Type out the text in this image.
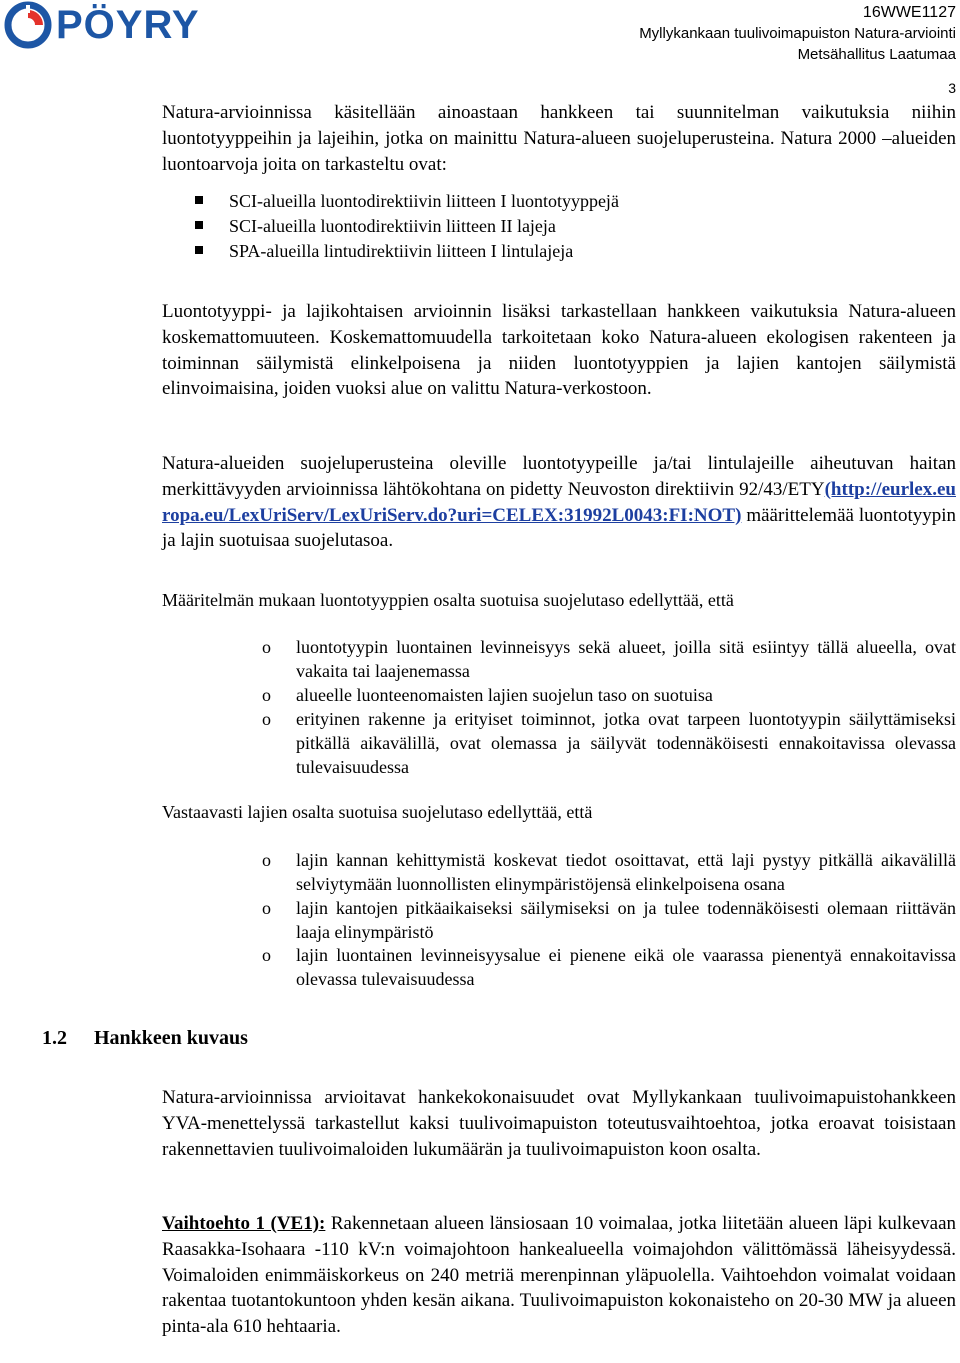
PÖYRY	16WWE1127
Myllykankaan tuulivoimapuiston Natura-arviointi
Metsähallitus Laatumaa
3

Natura-arvioinnissa käsitellään ainoastaan hankkeen tai suunnitelman vaikutuksia niihin luontotyyppeihin ja lajeihin, jotka on mainittu Natura-alueen suojeluperusteina. Natura 2000 –alueiden luontoarvoja joita on tarkasteltu ovat:

SCI-alueilla luontodirektiivin liitteen I luontotyyppejä
SCI-alueilla luontodirektiivin liitteen II lajeja
SPA-alueilla lintudirektiivin liitteen I lintulajeja

Luontotyyppi- ja lajikohtaisen arvioinnin lisäksi tarkastellaan hankkeen vaikutuksia Natura-alueen koskemattomuuteen. Koskemattomuudella tarkoitetaan koko Natura-alueen ekologisen rakenteen ja toiminnan säilymistä elinkelpoisena ja niiden luontotyyppien ja lajien kantojen säilymistä elinvoimaisina, joiden vuoksi alue on valittu Natura-verkostoon.

Natura-alueiden suojeluperusteina oleville luontotyypeille ja/tai lintulajeille aiheutuvan haitan merkittävyyden arvioinnissa lähtökohtana on pidetty Neuvoston direktiivin 92/43/ETY(http://eurlex.europa.eu/LexUriServ/LexUriServ.do?uri=CELEX:31992L0043:FI:NOT) määrittelemää luontotyypin ja lajin suotuisaa suojelutasoa.

Määritelmän mukaan luontotyyppien osalta suotuisa suojelutaso edellyttää, että
o luontotyypin luontainen levinneisyys sekä alueet, joilla sitä esiintyy tällä alueella, ovat vakaita tai laajenemassa
o alueelle luonteenomaisten lajien suojelun taso on suotuisa
o erityinen rakenne ja erityiset toiminnot, jotka ovat tarpeen luontotyypin säilyttämiseksi pitkällä aikavälillä, ovat olemassa ja säilyvät todennäköisesti ennakoitavissa olevassa tulevaisuudessa
Vastaavasti lajien osalta suotuisa suojelutaso edellyttää, että
o lajin kannan kehittymistä koskevat tiedot osoittavat, että laji pystyy pitkällä aikavälillä selviytymään luonnollisten elinympäristöjensä elinkelpoisena osana
o lajin kantojen pitkäaikaiseksi säilymiseksi on ja tulee todennäköisesti olemaan riittävän laaja elinympäristö
o lajin luontainen levinneisyysalue ei pienene eikä ole vaarassa pienentyä ennakoitavissa olevassa tulevaisuudessa
1.2 Hankkeen kuvaus

Natura-arvioinnissa arvioitavat hankekokonaisuudet ovat Myllykankaan tuulivoimapuistohankkeen YVA-menettelyssä tarkastellut kaksi tuulivoimapuiston toteutusvaihtoehtoa, jotka eroavat toisistaan rakennettavien tuulivoimaloiden lukumäärän ja tuulivoimapuiston koon osalta.

Vaihtoehto 1 (VE1): Rakennetaan alueen länsiosaan 10 voimalaa, jotka liitetään alueen läpi kulkevaan Raasakka-Isohaara -110 kV:n voimajohtoon hankealueella voimajohdon välittömässä läheisyydessä. Voimaloiden enimmäiskorkeus on 240 metriä merenpinnan yläpuolella. Vaihtoehdon voimalat voidaan rakentaa tuotantokuntoon yhden kesän aikana. Tuulivoimapuiston kokonaisteho on 20-30 MW ja alueen pinta-ala 610 hehtaaria.
